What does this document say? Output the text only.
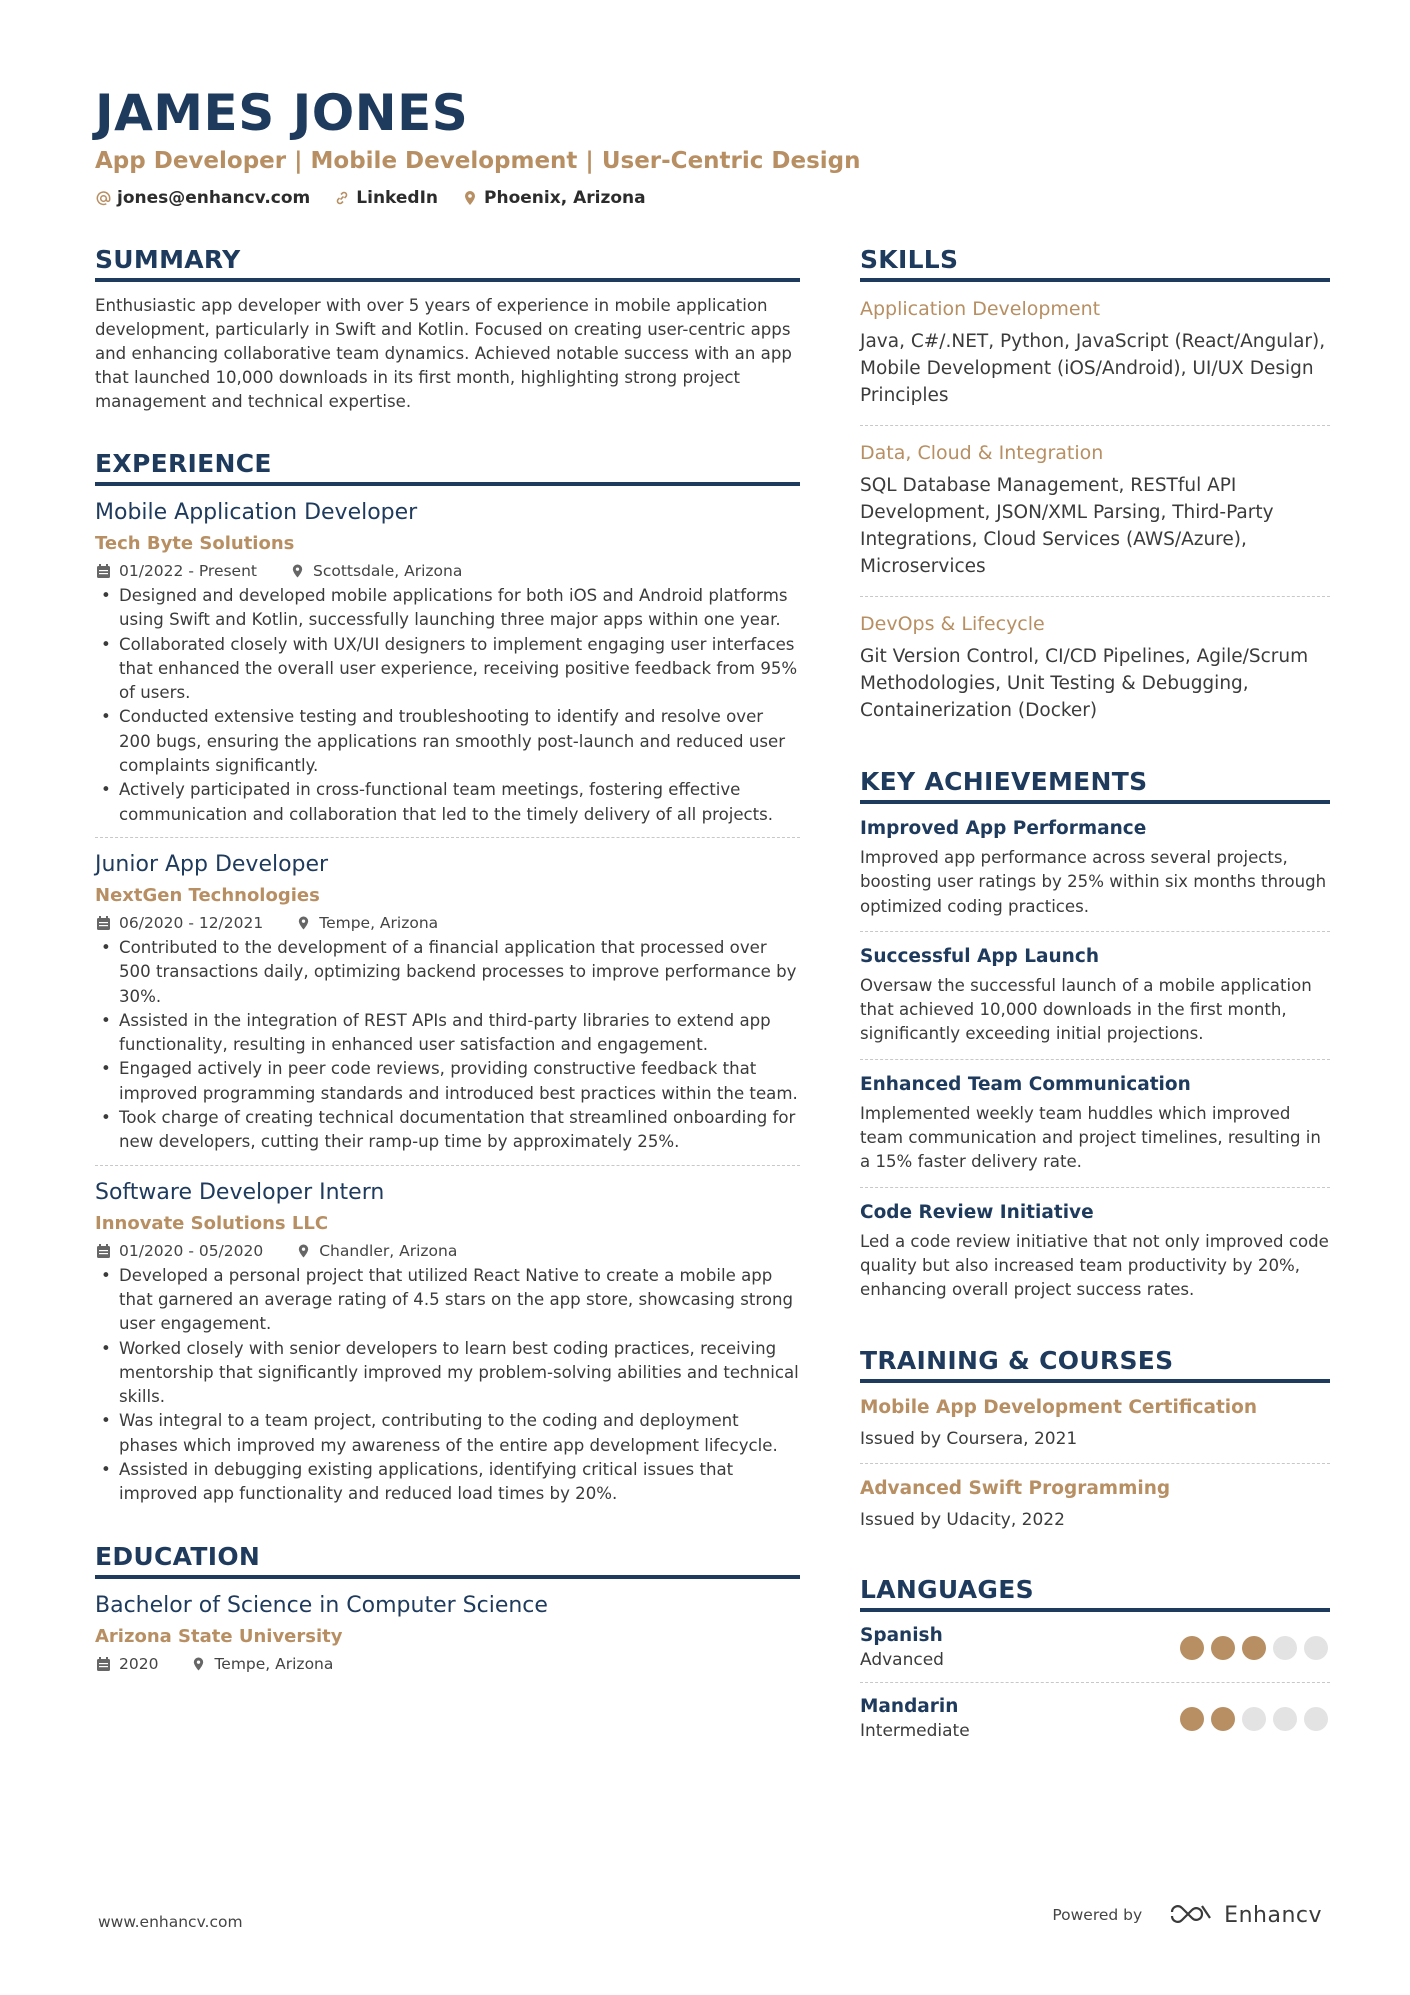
JAMES JONES
App Developer | Mobile Development | User-Centric Design
jones@enhancv.com	LinkedIn	Phoenix, Arizona
SUMMARY
Enthusiastic app developer with over 5 years of experience in mobile application development, particularly in Swift and Kotlin. Focused on creating user-centric apps and enhancing collaborative team dynamics. Achieved notable success with an app that launched 10,000 downloads in its first month, highlighting strong project management and technical expertise.
EXPERIENCE
Mobile Application Developer
Tech Byte Solutions
01/2022 - Present	Scottsdale, Arizona
• Designed and developed mobile applications for both iOS and Android platforms using Swift and Kotlin, successfully launching three major apps within one year.
• Collaborated closely with UX/UI designers to implement engaging user interfaces that enhanced the overall user experience, receiving positive feedback from 95% of users.
• Conducted extensive testing and troubleshooting to identify and resolve over 200 bugs, ensuring the applications ran smoothly post-launch and reduced user complaints significantly.
• Actively participated in cross-functional team meetings, fostering effective communication and collaboration that led to the timely delivery of all projects.
Junior App Developer
NextGen Technologies
06/2020 - 12/2021	Tempe, Arizona
• Contributed to the development of a financial application that processed over 500 transactions daily, optimizing backend processes to improve performance by 30%.
• Assisted in the integration of REST APIs and third-party libraries to extend app functionality, resulting in enhanced user satisfaction and engagement.
• Engaged actively in peer code reviews, providing constructive feedback that improved programming standards and introduced best practices within the team.
• Took charge of creating technical documentation that streamlined onboarding for new developers, cutting their ramp-up time by approximately 25%.
Software Developer Intern
Innovate Solutions LLC
01/2020 - 05/2020	Chandler, Arizona
• Developed a personal project that utilized React Native to create a mobile app that garnered an average rating of 4.5 stars on the app store, showcasing strong user engagement.
• Worked closely with senior developers to learn best coding practices, receiving mentorship that significantly improved my problem-solving abilities and technical skills.
• Was integral to a team project, contributing to the coding and deployment phases which improved my awareness of the entire app development lifecycle.
• Assisted in debugging existing applications, identifying critical issues that improved app functionality and reduced load times by 20%.
EDUCATION
Bachelor of Science in Computer Science
Arizona State University
2020	Tempe, Arizona
SKILLS
Application Development
Java, C#/.NET, Python, JavaScript (React/Angular), Mobile Development (iOS/Android), UI/UX Design Principles
Data, Cloud & Integration
SQL Database Management, RESTful API Development, JSON/XML Parsing, Third-Party Integrations, Cloud Services (AWS/Azure), Microservices
DevOps & Lifecycle
Git Version Control, CI/CD Pipelines, Agile/Scrum Methodologies, Unit Testing & Debugging, Containerization (Docker)
KEY ACHIEVEMENTS
Improved App Performance
Improved app performance across several projects, boosting user ratings by 25% within six months through optimized coding practices.
Successful App Launch
Oversaw the successful launch of a mobile application that achieved 10,000 downloads in the first month, significantly exceeding initial projections.
Enhanced Team Communication
Implemented weekly team huddles which improved team communication and project timelines, resulting in a 15% faster delivery rate.
Code Review Initiative
Led a code review initiative that not only improved code quality but also increased team productivity by 20%, enhancing overall project success rates.
TRAINING & COURSES
Mobile App Development Certification
Issued by Coursera, 2021
Advanced Swift Programming
Issued by Udacity, 2022
LANGUAGES
Spanish
Advanced
Mandarin
Intermediate
www.enhancv.com	Powered by	Enhancv
